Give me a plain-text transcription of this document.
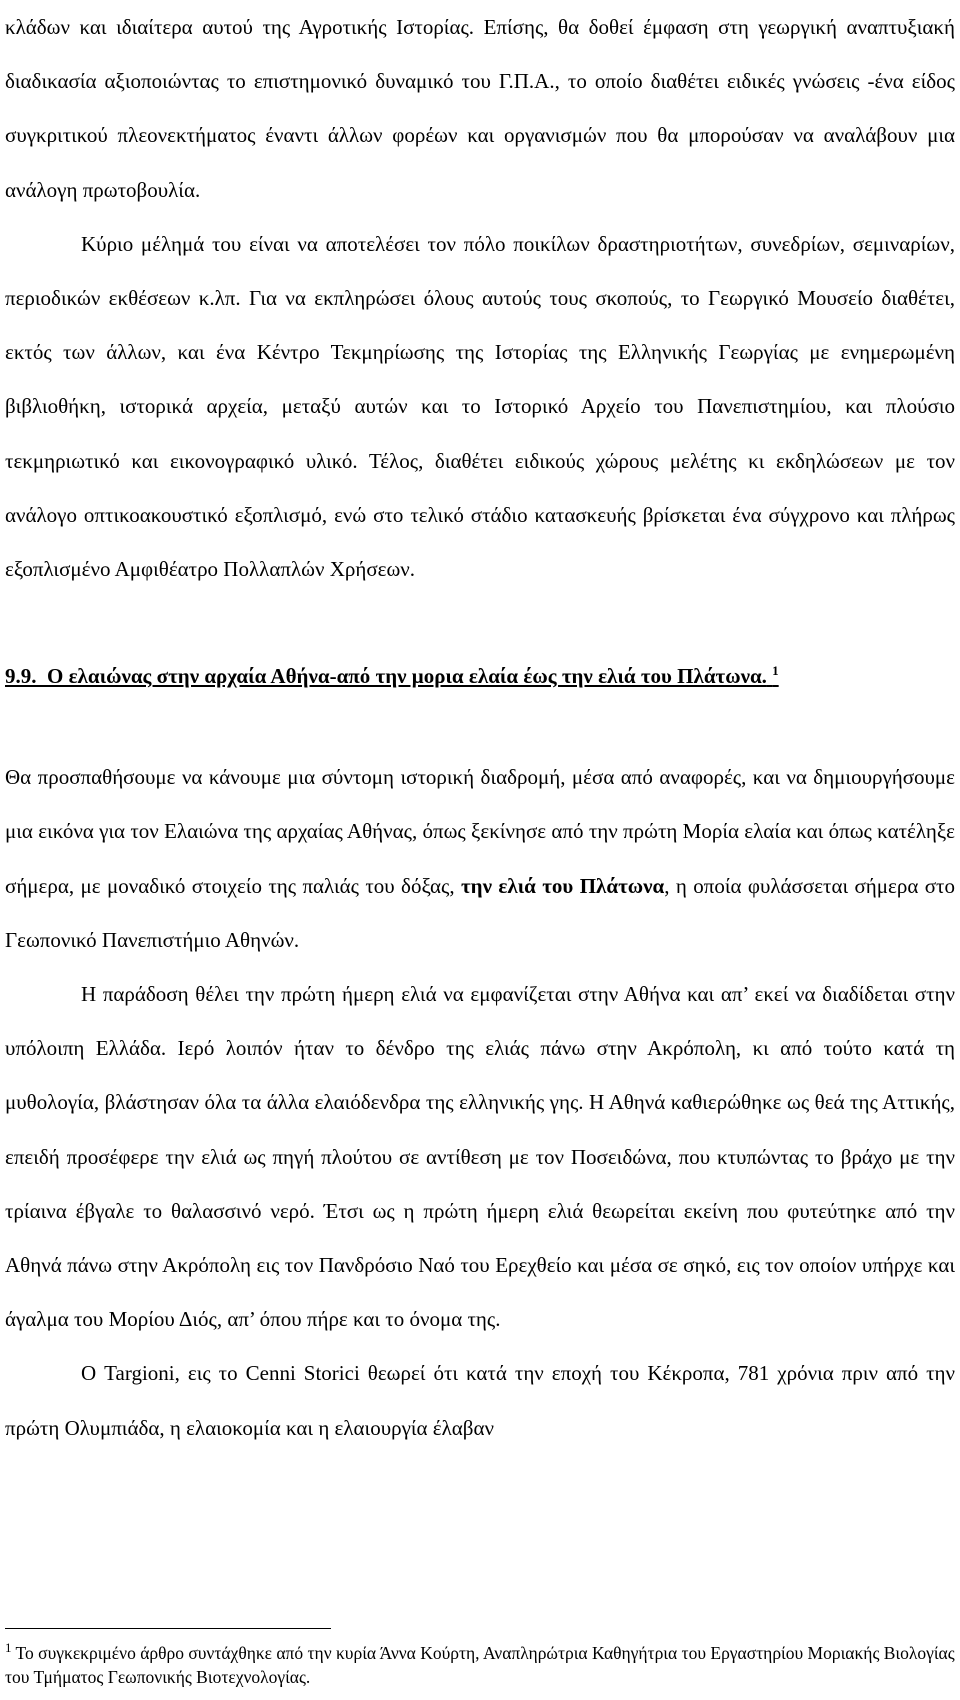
κλάδων και ιδιαίτερα αυτού της Αγροτικής Ιστορίας. Επίσης, θα δοθεί έμφαση στη γεωργική αναπτυξιακή διαδικασία αξιοποιώντας το επιστημονικό δυναμικό του Γ.Π.Α., το οποίο διαθέτει ειδικές γνώσεις -ένα είδος συγκριτικού πλεονεκτήματος έναντι άλλων φορέων και οργανισμών που θα μπορούσαν να αναλάβουν μια ανάλογη πρωτοβουλία.

Κύριο μέλημά του είναι να αποτελέσει τον πόλο ποικίλων δραστηριοτήτων, συνεδρίων, σεμιναρίων, περιοδικών εκθέσεων κ.λπ. Για να εκπληρώσει όλους αυτούς τους σκοπούς, το Γεωργικό Μουσείο διαθέτει, εκτός των άλλων, και ένα Κέντρο Τεκμηρίωσης της Ιστορίας της Ελληνικής Γεωργίας με ενημερωμένη βιβλιοθήκη, ιστορικά αρχεία, μεταξύ αυτών και το Ιστορικό Αρχείο του Πανεπιστημίου, και πλούσιο τεκμηριωτικό και εικονογραφικό υλικό. Τέλος, διαθέτει ειδικούς χώρους μελέτης κι εκδηλώσεων με τον ανάλογο οπτικοακουστικό εξοπλισμό, ενώ στο τελικό στάδιο κατασκευής βρίσκεται ένα σύγχρονο και πλήρως εξοπλισμένο Αμφιθέατρο Πολλαπλών Χρήσεων.

9.9. Ο ελαιώνας στην αρχαία Αθήνα-από την μορια ελαία έως την ελιά του Πλάτωνα. $^1$

Θα προσπαθήσουμε να κάνουμε μια σύντομη ιστορική διαδρομή, μέσα από αναφορές, και να δημιουργήσουμε μια εικόνα για τον Ελαιώνα της αρχαίας Αθήνας, όπως ξεκίνησε από την πρώτη Μορία ελαία και όπως κατέληξε σήμερα, με μοναδικό στοιχείο της παλιάς του δόξας, την ελιά του Πλάτωνα, η οποία φυλάσσεται σήμερα στο Γεωπονικό Πανεπιστήμιο Αθηνών.

Η παράδοση θέλει την πρώτη ήμερη ελιά να εμφανίζεται στην Αθήνα και απ’ εκεί να διαδίδεται στην υπόλοιπη Ελλάδα. Ιερό λοιπόν ήταν το δένδρο της ελιάς πάνω στην Ακρόπολη, κι από τούτο κατά τη μυθολογία, βλάστησαν όλα τα άλλα ελαιόδενδρα της ελληνικής γης. Η Αθηνά καθιερώθηκε ως θεά της Αττικής, επειδή προσέφερε την ελιά ως πηγή πλούτου σε αντίθεση με τον Ποσειδώνα, που κτυπώντας το βράχο με την τρίαινα έβγαλε το θαλασσινό νερό. Έτσι ως η πρώτη ήμερη ελιά θεωρείται εκείνη που φυτεύτηκε από την Αθηνά πάνω στην Ακρόπολη εις τον Πανδρόσιο Ναό του Ερεχθείο και μέσα σε σηκό, εις τον οποίον υπήρχε και άγαλμα του Μορίου Διός, απ’ όπου πήρε και το όνομα της.

Ο Targioni, εις το Cenni Storici θεωρεί ότι κατά την εποχή του Κέκροπα, 781 χρόνια πριν από την πρώτη Ολυμπιάδα, η ελαιοκομία και η ελαιουργία έλαβαν

$^1$ Το συγκεκριμένο άρθρο συντάχθηκε από την κυρία Άννα Κούρτη, Αναπληρώτρια Καθηγήτρια του Εργαστηρίου Μοριακής Βιολογίας του Τμήματος Γεωπονικής Βιοτεχνολογίας.
